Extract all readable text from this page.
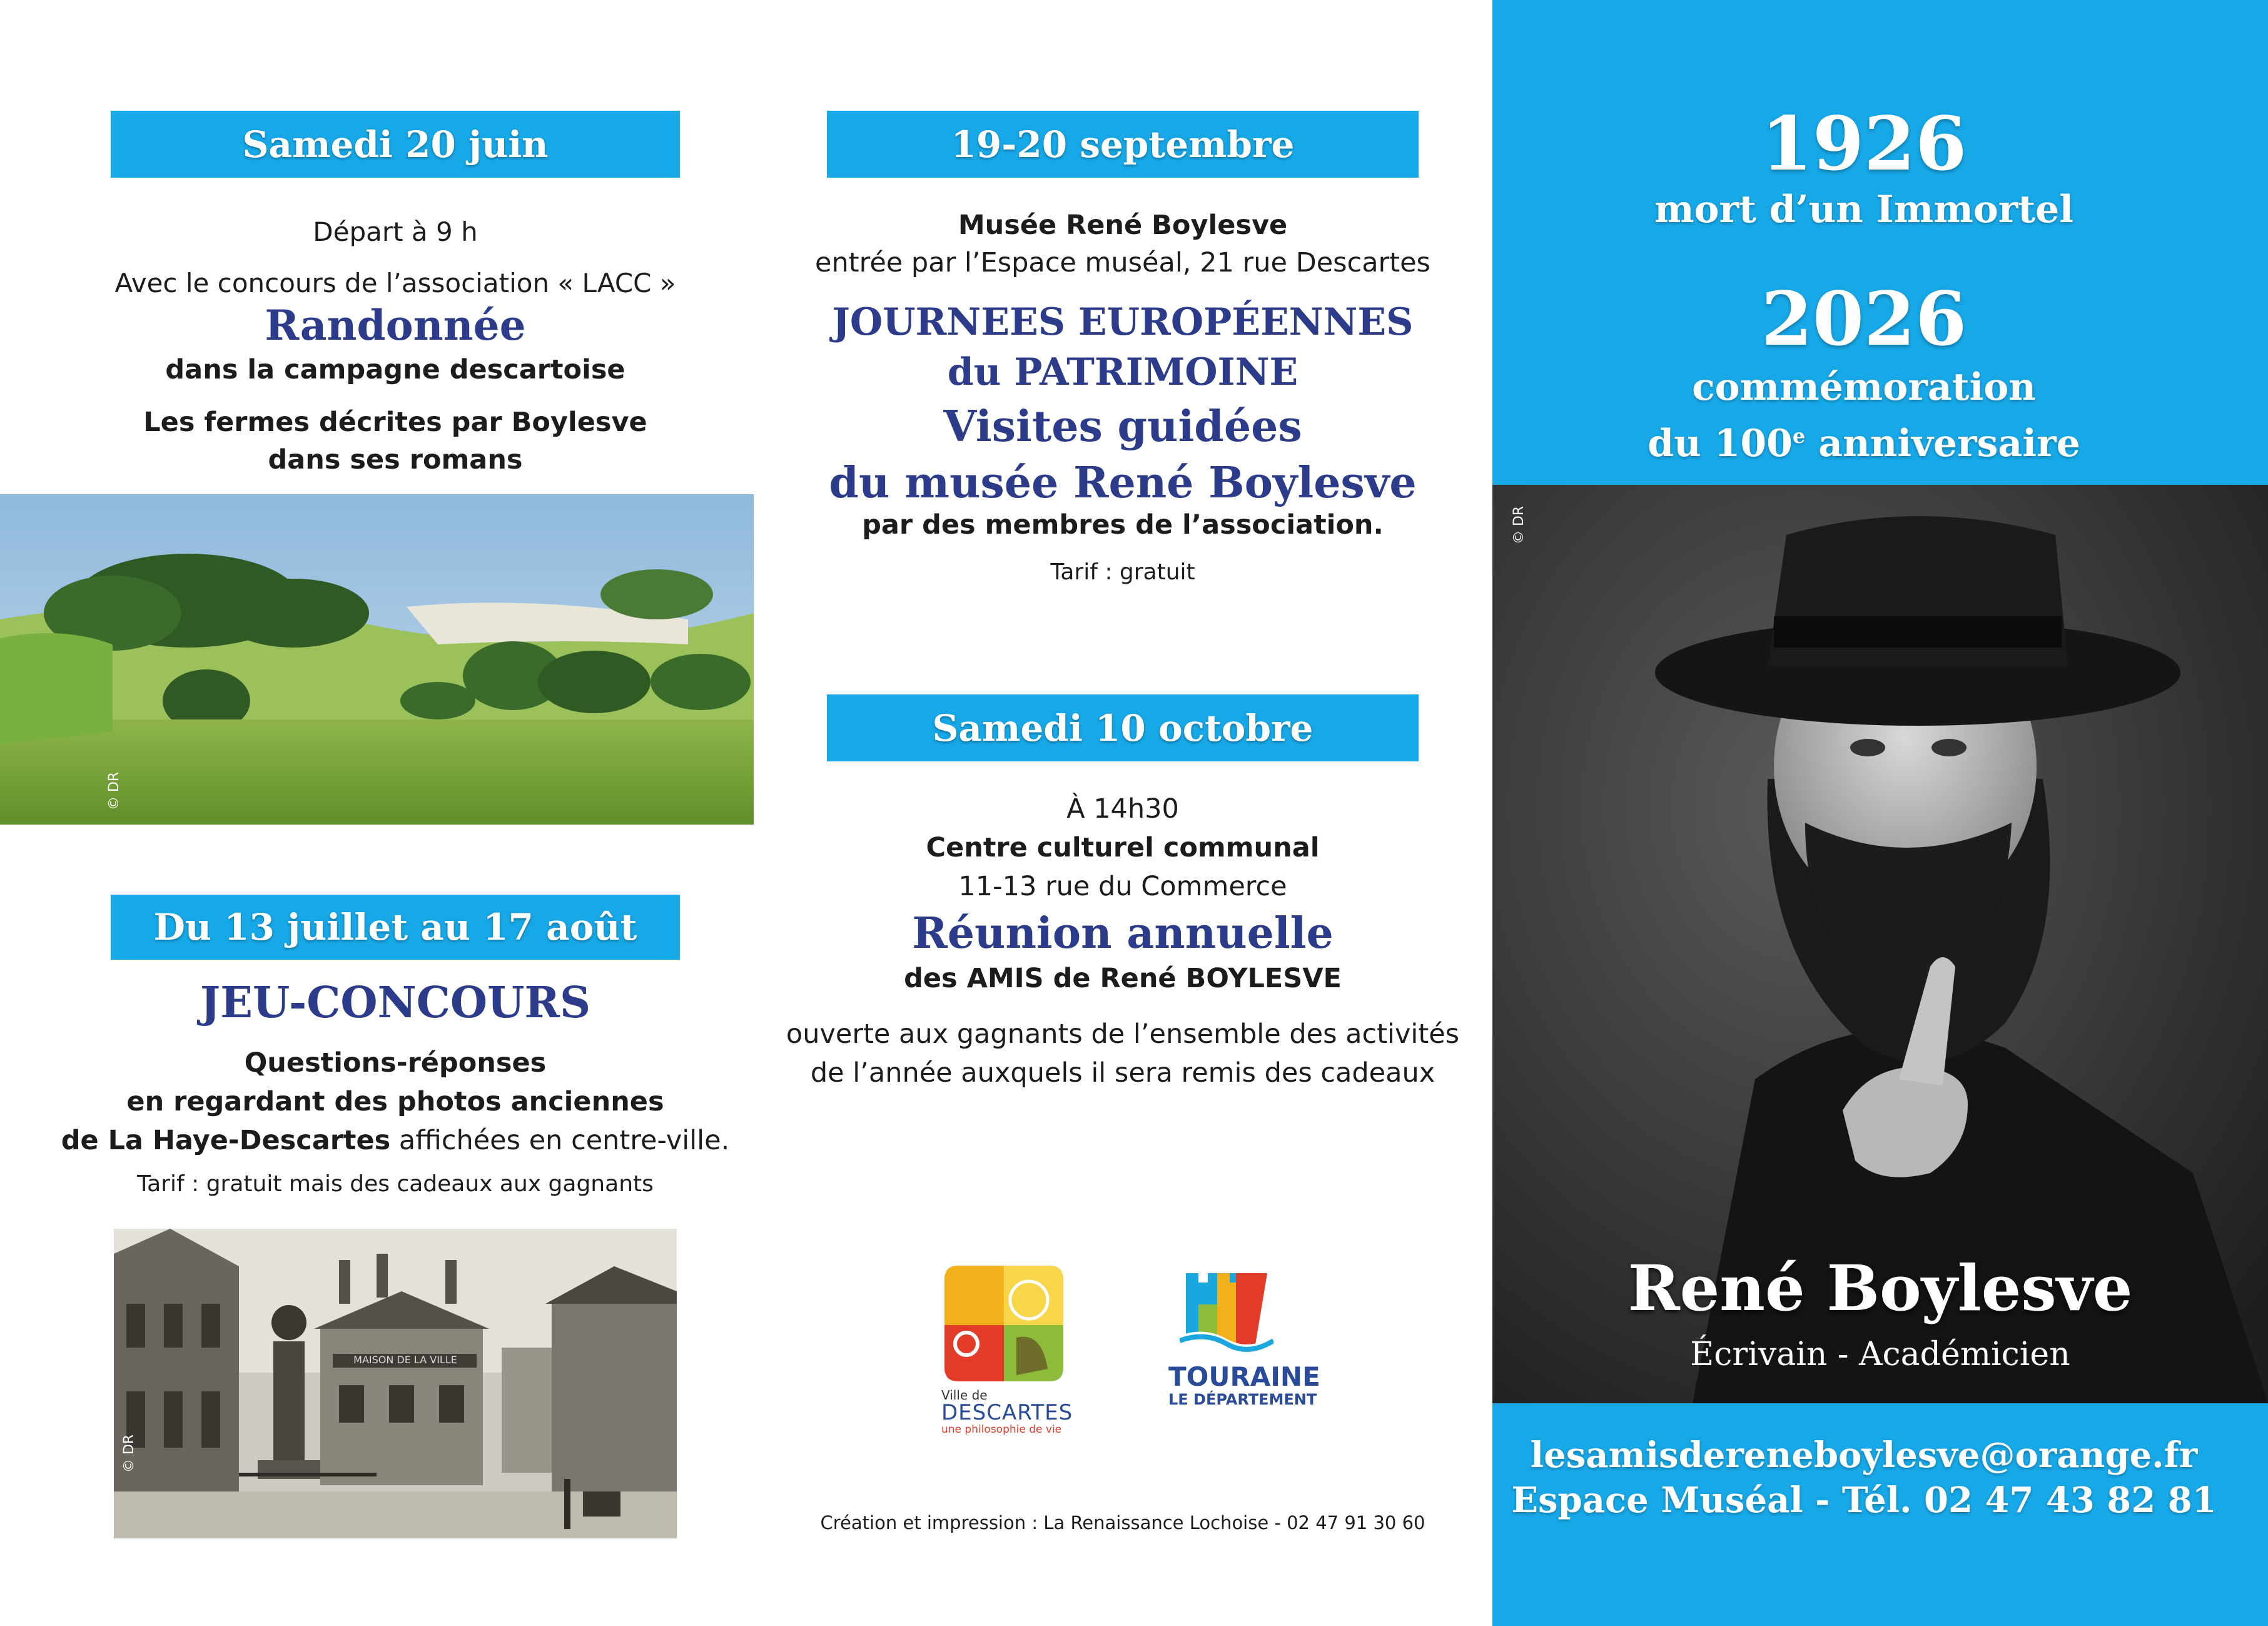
Samedi 20 juin
Départ à 9 h
Avec le concours de l’association « LACC »
Randonnée
dans la campagne descartoise
Les fermes décrites par Boylesve
dans ses romans
© DR
Du 13 juillet au 17 août
JEU-CONCOURS
Questions-réponses
en regardant des photos anciennes
de La Haye-Descartes affichées en centre-ville.
Tarif : gratuit mais des cadeaux aux gagnants
MAISON DE LA VILLE
© DR
19-20 septembre
Musée René Boylesve
entrée par l’Espace muséal, 21 rue Descartes
JOURNEES EUROPÉENNES
du PATRIMOINE
Visites guidées
du musée René Boylesve
par des membres de l’association.
Tarif : gratuit
Samedi 10 octobre
À 14h30
Centre culturel communal
11-13 rue du Commerce
Réunion annuelle
des AMIS de René BOYLESVE
ouverte aux gagnants de l’ensemble des activités
de l’année auxquels il sera remis des cadeaux
Ville de
DESCARTES
une philosophie de vie
TOURAINE
LE DÉPARTEMENT
Création et impression : La Renaissance Lochoise - 02 47 91 30 60
1926
mort d’un Immortel
2026
commémoration
du 100e anniversaire
© DR
René Boylesve
Écrivain - Académicien
lesamisdereneboylesve@orange.fr
Espace Muséal - Tél. 02 47 43 82 81
